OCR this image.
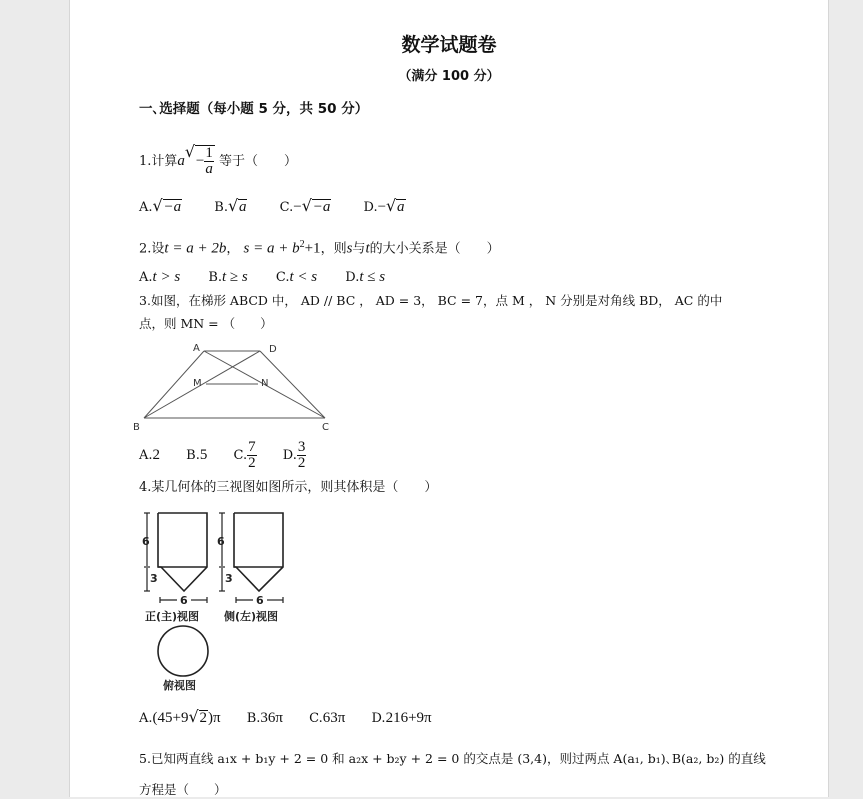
数学试题卷
（满分 100 分）
一､选择题（每小题 5 分，共 50 分）
1.计算a √ − $\frac{1}{a}$ 等于（　　）
A. √ −a	B. √ a	C.− √ −a	D.− √ a
2.设t = a + 2b， $s = a + b^2+1$，则s与t的大小关系是（　　）
A.t > s B.t ≥ s C.t < s D.t ≤ s
3.如图，在梯形 ABCD 中， AD // BC ， AD = 3， BC = 7，点 M ， N 分别是对角线 BD， AC 的中
点，则 MN = （　　）
A	D
M	N
B	C
A.2 B.5 C. $\frac{7}{2} D$. $\frac{3}{2}$
4.某几何体的三视图如图所示，则其体积是（　　）
6
3
6
3
6	6
正(主)视图 侧(左)视图
俯视图
A.(45+9 √ 2)π B.36π C.63π D.216+9π
5.已知两直线 a₁x + b₁y + 2 = 0 和 a₂x + b₂y + 2 = 0 的交点是 (3,4)，则过两点 A(a₁, b₁)､B(a₂, b₂) 的直线
方程是（　　）
